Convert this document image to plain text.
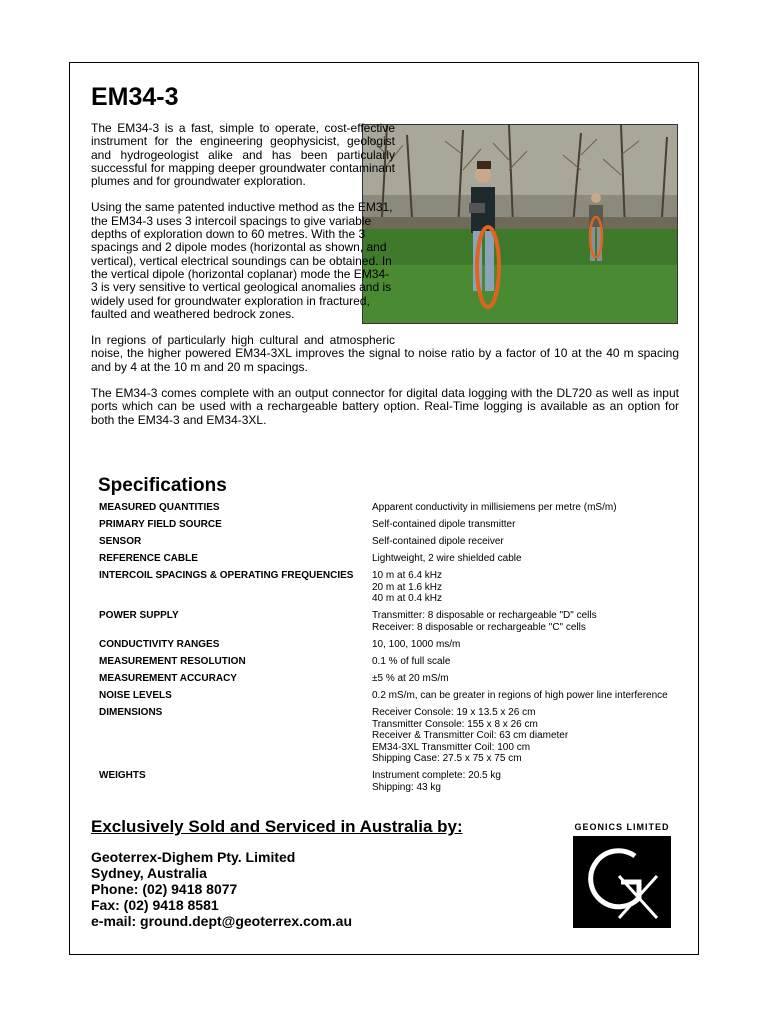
EM34-3

The EM34-3 is a fast, simple to operate, cost-effective instrument for the engineering geophysicist, geologist and hydrogeologist alike and has been particularly successful for mapping deeper groundwater contaminant plumes and for groundwater exploration.

Using the same patented inductive method as the EM31, the EM34-3 uses 3 intercoil spacings to give variable depths of exploration down to 60 metres. With the 3 spacings and 2 dipole modes (horizontal as shown, and vertical), vertical electrical soundings can be obtained. In the vertical dipole (horizontal coplanar) mode the EM34-3 is very sensitive to vertical geological anomalies and is widely used for groundwater exploration in fractured, faulted and weathered bedrock zones.

In regions of particularly high cultural and atmospheric noise, the higher powered EM34-3XL improves the signal to noise ratio by a factor of 10 at the 40 m spacing and by 4 at the 10 m and 20 m spacings.

The EM34-3 comes complete with an output connector for digital data logging with the DL720 as well as input ports which can be used with a rechargeable battery option. Real-Time logging is available as an option for both the EM34-3 and EM34-3XL.

Specifications
MEASURED QUANTITIES	Apparent conductivity in millisiemens per metre (mS/m)

PRIMARY FIELD SOURCE	Self-contained dipole transmitter

SENSOR	Self-contained dipole receiver

REFERENCE CABLE	Lightweight, 2 wire shielded cable

INTERCOIL SPACINGS & OPERATING FREQUENCIES	10 m at 6.4 kHz
20 m at 1.6 kHz
40 m at 0.4 kHz

POWER SUPPLY	Transmitter: 8 disposable or rechargeable "D" cells
Receiver: 8 disposable or rechargeable "C" cells

CONDUCTIVITY RANGES	10, 100, 1000 ms/m

MEASUREMENT RESOLUTION	0.1 % of full scale

MEASUREMENT ACCURACY	±5 % at 20 mS/m

NOISE LEVELS	0.2 mS/m, can be greater in regions of high power line interference

DIMENSIONS	Receiver Console: 19 x 13.5 x 26 cm
Transmitter Console: 155 x 8 x 26 cm
Receiver & Transmitter Coil: 63 cm diameter
EM34-3XL Transmitter Coil: 100 cm
Shipping Case: 27.5 x 75 x 75 cm

WEIGHTS	Instrument complete: 20.5 kg
Shipping: 43 kg
Exclusively Sold and Serviced in Australia by:
Geoterrex-Dighem Pty. Limited
Sydney, Australia
Phone: (02) 9418 8077
Fax: (02) 9418 8581
e-mail: ground.dept@geoterrex.com.au
GEONICS LIMITED
